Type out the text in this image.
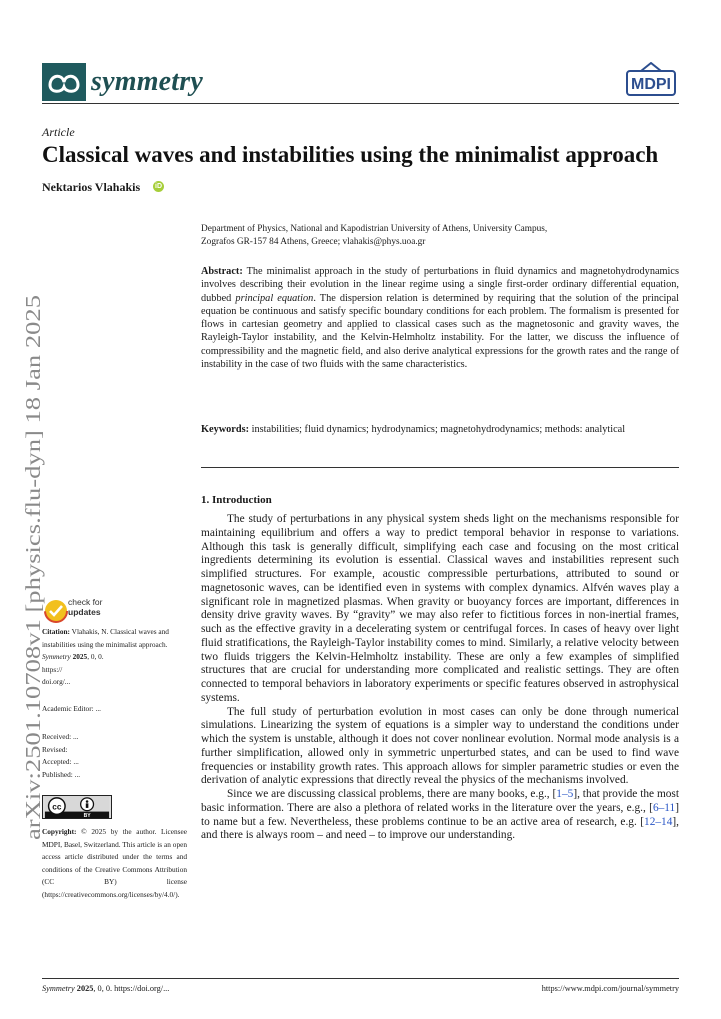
symmetry	MDPI
Article
Classical waves and instabilities using the minimalist approach
Nektarios Vlahakis iD
Department of Physics, National and Kapodistrian University of Athens, University Campus,
Zografos GR-157 84 Athens, Greece; vlahakis@phys.uoa.gr
Abstract: The minimalist approach in the study of perturbations in fluid dynamics and magnetohydrodynamics involves describing their evolution in the linear regime using a single first-order ordinary differential equation, dubbed principal equation. The dispersion relation is determined by requiring that the solution of the principal equation be continuous and satisfy specific boundary conditions for each problem. The formalism is presented for flows in cartesian geometry and applied to classical cases such as the magnetosonic and gravity waves, the Rayleigh-Taylor instability, and the Kelvin-Helmholtz instability. For the latter, we discuss the influence of compressibility and the magnetic field, and also derive analytical expressions for the growth rates and the range of instability in the case of two fluids with the same characteristics.
Keywords: instabilities; fluid dynamics; hydrodynamics; magnetohydrodynamics; methods: analytical
1. Introduction

The study of perturbations in any physical system sheds light on the mechanisms responsible for maintaining equilibrium and offers a way to predict temporal behavior in response to variations. Although this task is generally difficult, simplifying each case and focusing on the most critical ingredients determining its evolution is essential. Classical waves and instabilities represent such simplified structures. For example, acoustic compressible perturbations, attributed to sound or magnetosonic waves, can be identified even in systems with complex dynamics. Alfvén waves play a significant role in magnetized plasmas. When gravity or buoyancy forces are important, differences in density drive gravity waves. By “gravity” we may also refer to fictitious forces in non-inertial frames, such as the effective gravity in a decelerating system or centrifugal forces. In cases of heavy over light fluid stratifications, the Rayleigh-Taylor instability comes to mind. Similarly, a relative velocity between two fluids triggers the Kelvin-Helmholtz instability. These are only a few examples of simplified structures that are crucial for understanding more complicated and realistic settings. They are often connected to temporal behaviors in laboratory experiments or specific features observed in astrophysical systems.

The full study of perturbation evolution in most cases can only be done through numerical simulations. Linearizing the system of equations is a simpler way to understand the conditions under which the system is unstable, although it does not cover nonlinear evolution. Normal mode analysis is a further simplification, allowed only in symmetric unperturbed states, and can be used to find wave frequencies or instability growth rates. This approach allows for simpler parametric studies or even the derivation of analytic expressions that directly reveal the physics of the mechanisms involved.

Since we are discussing classical problems, there are many books, e.g., [1–5], that provide the most basic information. There are also a plethora of related works in the literature over the years, e.g., [6–11] to name but a few. Nevertheless, these problems continue to be an active area of research, e.g. [12–14], and there is always room – and need – to improve our understanding.

arXiv:2501.10708v1 [physics.flu-dyn] 18 Jan 2025	check for
updates
Citation: Vlahakis, N. Classical waves and instabilities using the minimalist approach. Symmetry 2025, 0, 0.
https://
doi.org/...
Academic Editor: ...
Received: ...
Revised:
Accepted: ...
Published: ...
cc
BY
Copyright: © 2025 by the author. Licensee MDPI, Basel, Switzerland. This article is an open access article distributed under the terms and conditions of the Creative Commons Attribution (CC BY) license (https://creativecommons.org/licenses/by/4.0/).
Symmetry 2025, 0, 0. https://doi.org/...	https://www.mdpi.com/journal/symmetry
